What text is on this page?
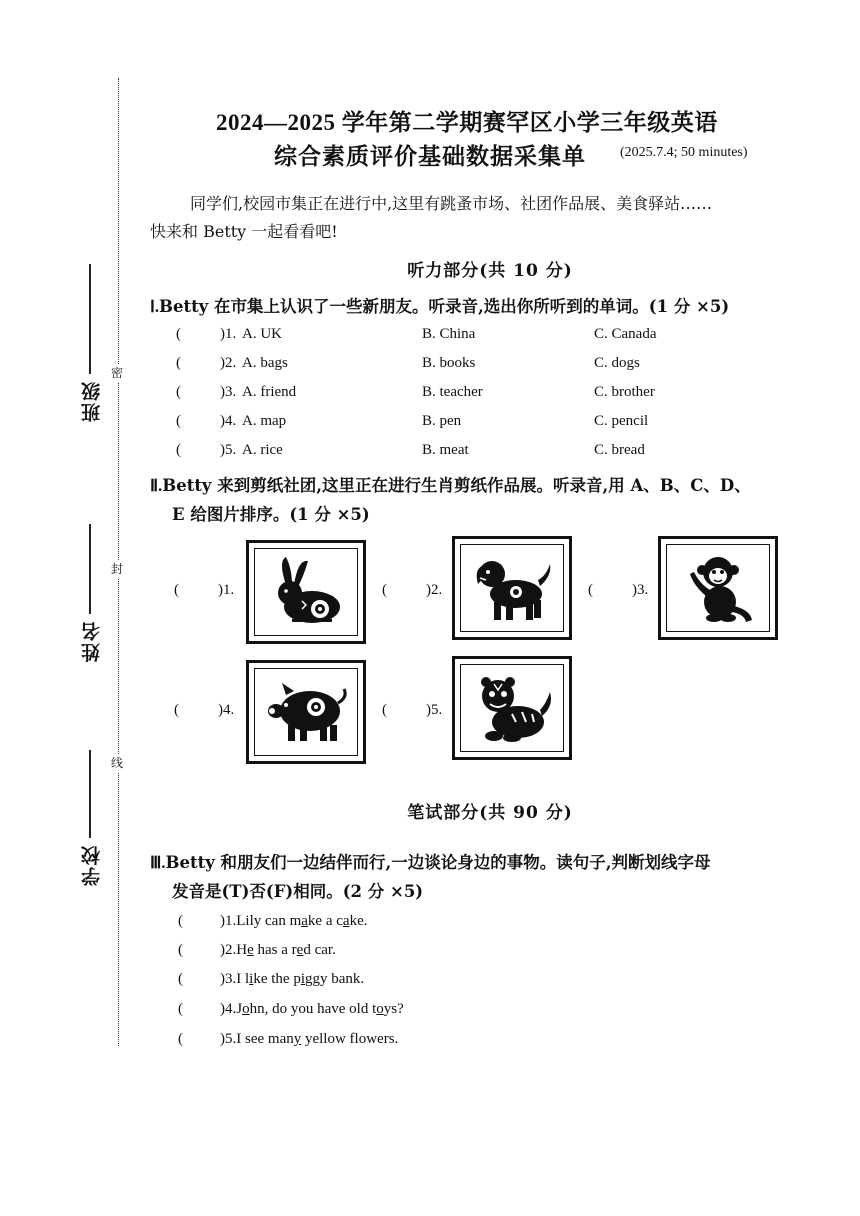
密
封
线
班级
姓名
学校
2024—2025 学年第二学期赛罕区小学三年级英语
综合素质评价基础数据采集单 (2025.7.4; 50 minutes)

同学们,校园市集正在进行中,这里有跳蚤市场、社团作品展、美食驿站……

快来和 Betty 一起看看吧!

听力部分(共 10 分)
Ⅰ.Betty 在市集上认识了一些新朋友。听录音,选出你所听到的单词。(1 分 ×5)
(	)1. A. UK	B. China	C. Canada
(	)2. A. bags	B. books	C. dogs
(	)3. A. friend	B. teacher	C. brother
(	)4. A. map	B. pen	C. pencil
(	)5. A. rice	B. meat	C. bread
Ⅱ.Betty 来到剪纸社团,这里正在进行生肖剪纸作品展。听录音,用 A、B、C、D、
E 给图片排序。(1 分 ×5)
(	)1.	(	)2.	(	)3.
(	)4.	(	)5.
笔试部分(共 90 分)
Ⅲ.Betty 和朋友们一边结伴而行,一边谈论身边的事物。读句子,判断划线字母
发音是(T)否(F)相同。(2 分 ×5)
( )1.Lily can make a cake.
( )2.He has a red car.
( )3.I like the piggy bank.
( )4.John, do you have old toys?
( )5.I see many yellow flowers.
